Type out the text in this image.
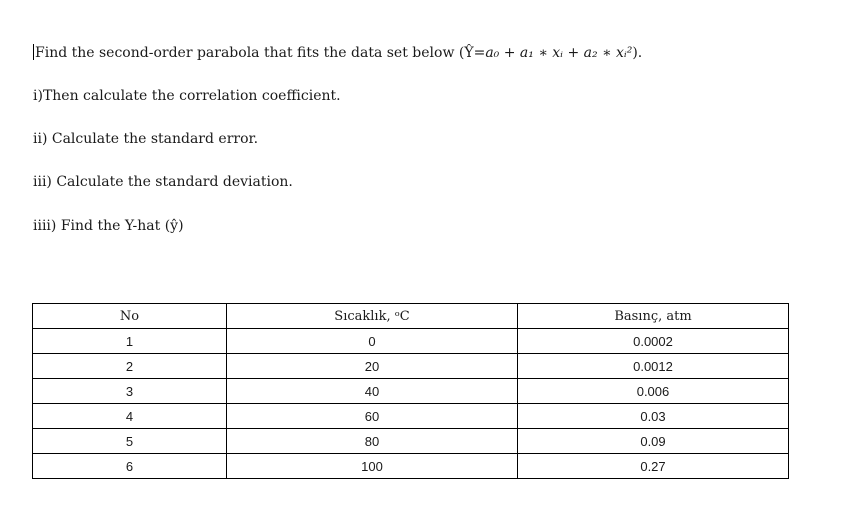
Find the second-order parabola that fits the data set below (Ŷ=a₀ + a₁ ∗ xᵢ + a₂ ∗ xᵢ²).
i)Then calculate the correlation coefficient.
ii) Calculate the standard error.
iii) Calculate the standard deviation.
iiii) Find the Y-hat (ŷ)
No	Sıcaklık, ᵒC	Basınç, atm
1	0	0.0002
2	20	0.0012
3	40	0.006
4	60	0.03
5	80	0.09
6	100	0.27
